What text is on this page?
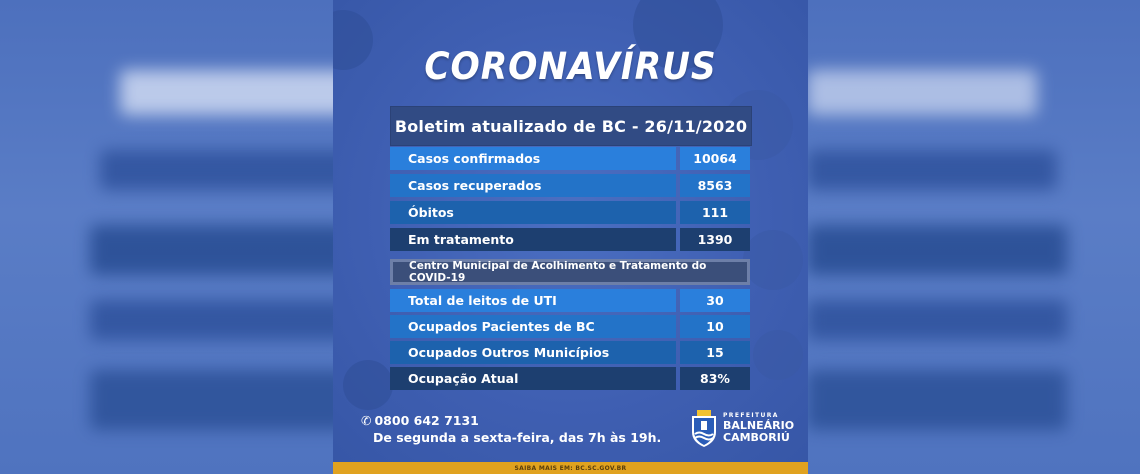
CORONAVÍRUS
Boletim atualizado de BC - 26/11/2020
Casos confirmados	10064
Casos recuperados	8563
Óbitos	111
Em tratamento	1390
Centro Municipal de Acolhimento e Tratamento do COVID-19
Total de leitos de UTI	30
Ocupados Pacientes de BC	10
Ocupados Outros Municípios	15
Ocupação Atual	83%
✆ 0800 642 7131
De segunda a sexta-feira, das 7h às 19h.
PREFEITURA
BALNEÁRIO
CAMBORIÚ
SAIBA MAIS EM: BC.SC.GOV.BR
